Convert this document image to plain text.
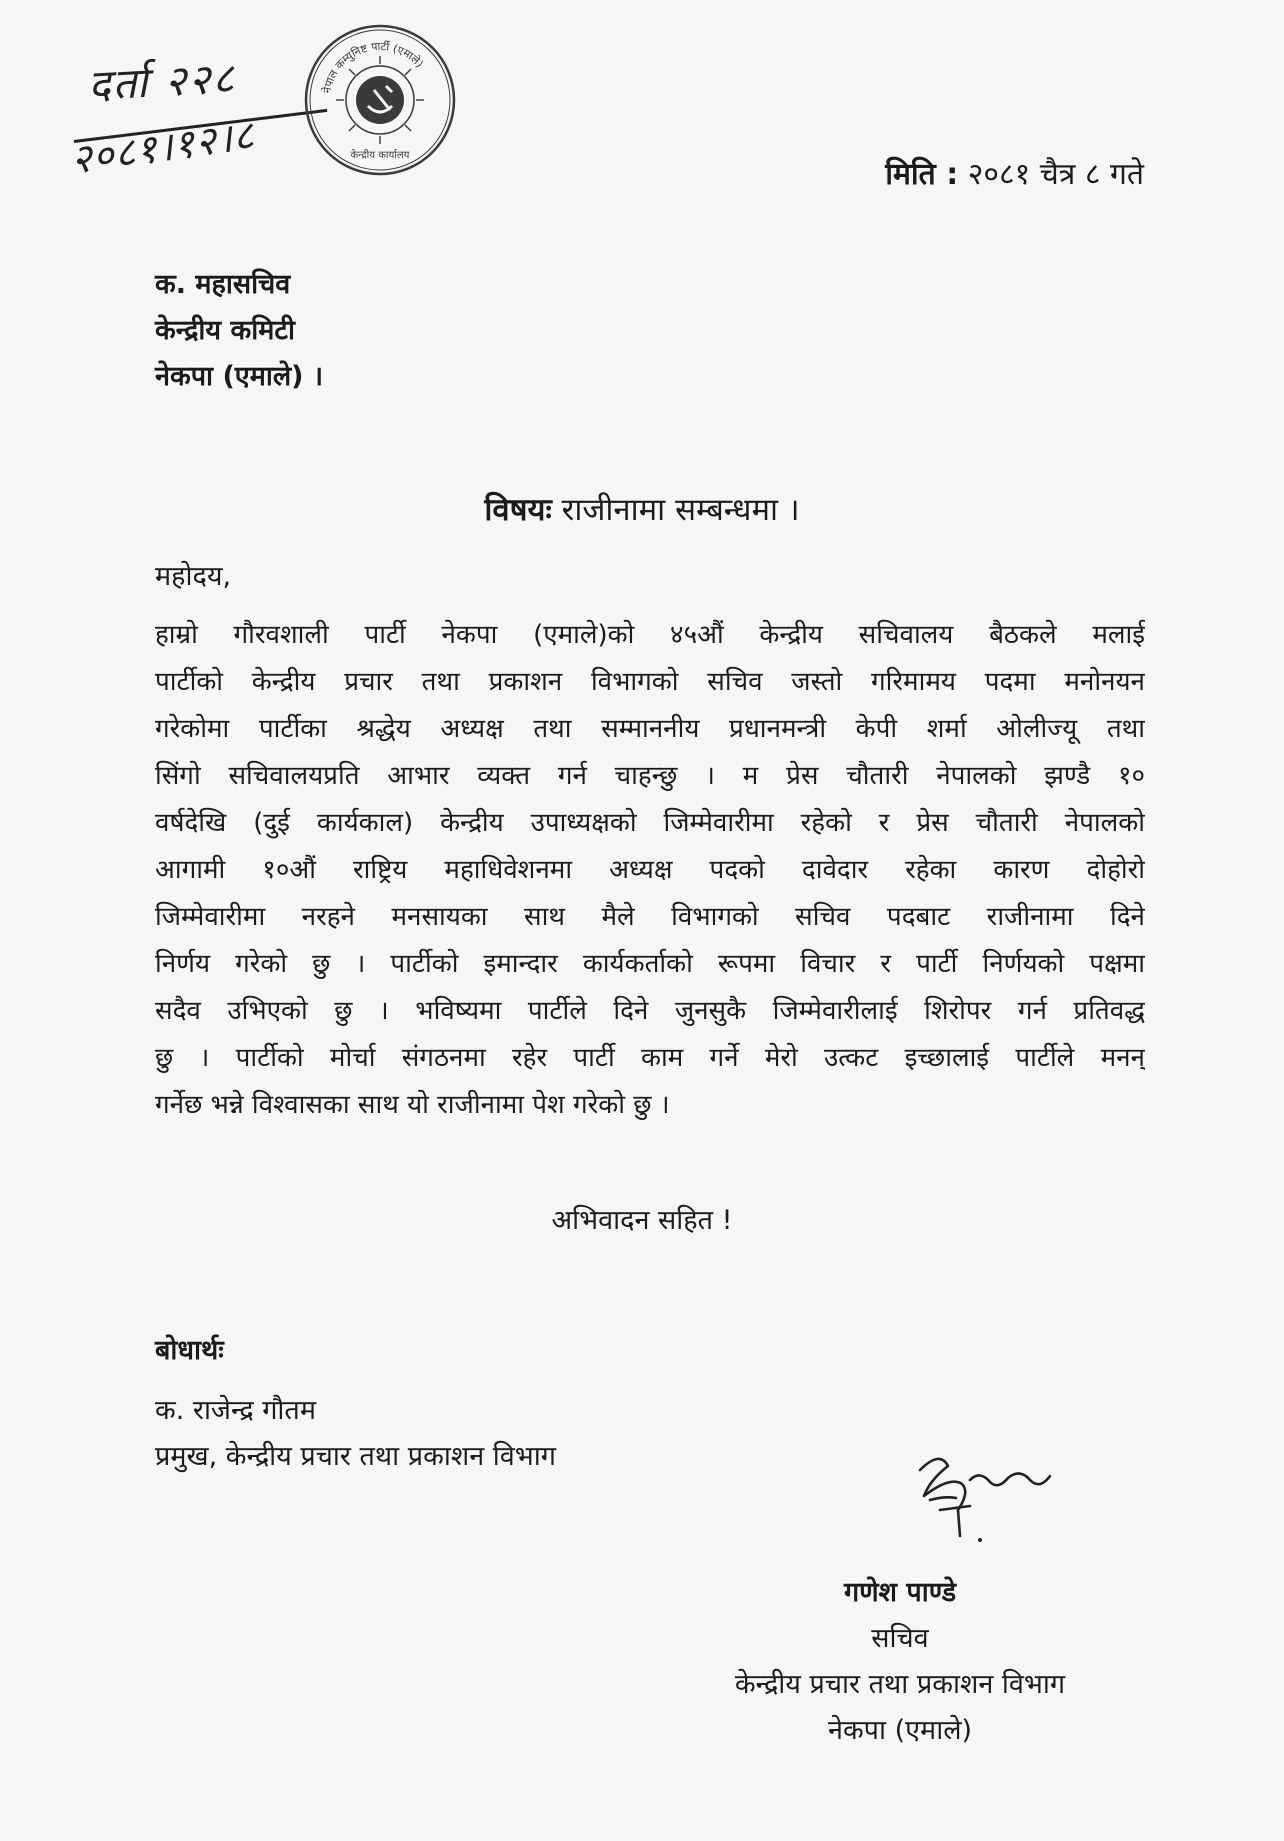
दर्ता २२८
२०८१।१२।८
नेपाल कम्युनिष्ट पार्टी (एमाले)
केन्द्रीय कार्यालय
मिति : २०८१ चैत्र ८ गते
क. महासचिव
केन्द्रीय कमिटी
नेकपा (एमाले) ।
विषयः राजीनामा सम्बन्धमा ।
महोदय,
हाम्रो गौरवशाली पार्टी नेकपा (एमाले)को ४५औं केन्द्रीय सचिवालय बैठकले मलाई
पार्टीको केन्द्रीय प्रचार तथा प्रकाशन विभागको सचिव जस्तो गरिमामय पदमा मनोनयन
गरेकोमा पार्टीका श्रद्धेय अध्यक्ष तथा सम्माननीय प्रधानमन्त्री केपी शर्मा ओलीज्यू तथा
सिंगो सचिवालयप्रति आभार व्यक्त गर्न चाहन्छु । म प्रेस चौतारी नेपालको झण्डै १०
वर्षदेखि (दुई कार्यकाल) केन्द्रीय उपाध्यक्षको जिम्मेवारीमा रहेको र प्रेस चौतारी नेपालको
आगामी १०औं राष्ट्रिय महाधिवेशनमा अध्यक्ष पदको दावेदार रहेका कारण दोहोरो
जिम्मेवारीमा नरहने मनसायका साथ मैले विभागको सचिव पदबाट राजीनामा दिने
निर्णय गरेको छु । पार्टीको इमान्दार कार्यकर्ताको रूपमा विचार र पार्टी निर्णयको पक्षमा
सदैव उभिएको छु । भविष्यमा पार्टीले दिने जुनसुकै जिम्मेवारीलाई शिरोपर गर्न प्रतिवद्ध
छु । पार्टीको मोर्चा संगठनमा रहेर पार्टी काम गर्ने मेरो उत्कट इच्छालाई पार्टीले मनन्
गर्नेछ भन्ने विश्वासका साथ यो राजीनामा पेश गरेको छु ।
अभिवादन सहित !
बोधार्थः
क. राजेन्द्र गौतम
प्रमुख, केन्द्रीय प्रचार तथा प्रकाशन विभाग
गणेश पाण्डे
सचिव
केन्द्रीय प्रचार तथा प्रकाशन विभाग
नेकपा (एमाले)
